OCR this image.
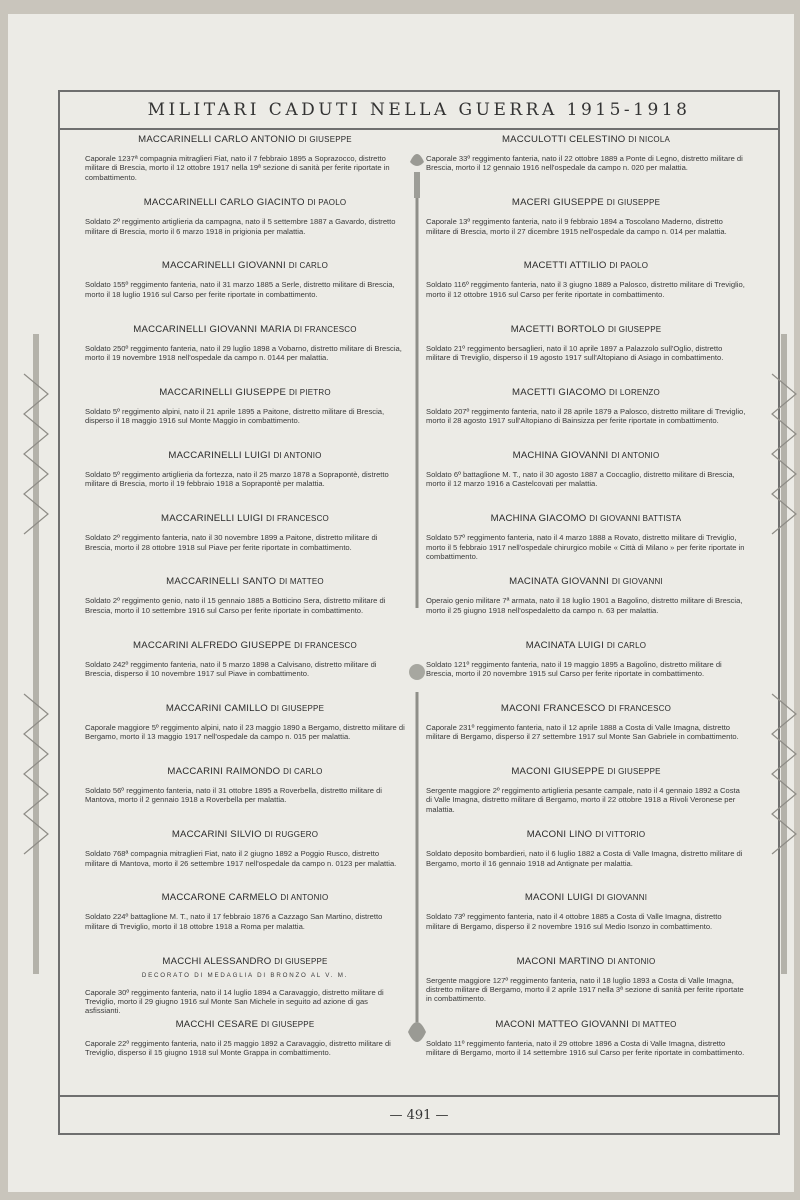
MILITARI CADUTI NELLA GUERRA 1915-1918
MACCARINELLI CARLO ANTONIO DI GIUSEPPE
Caporale 1237ª compagnia mitraglieri Fiat, nato il 7 febbraio 1895 a Soprazocco, distretto militare di Brescia, morto il 12 ottobre 1917 nella 19ª sezione di sanità per ferite riportate in combattimento.
MACCARINELLI CARLO GIACINTO DI PAOLO
Soldato 2º reggimento artiglieria da campagna, nato il 5 settembre 1887 a Gavardo, distretto militare di Brescia, morto il 6 marzo 1918 in prigionia per malattia.
MACCARINELLI GIOVANNI DI CARLO
Soldato 155º reggimento fanteria, nato il 31 marzo 1885 a Serle, distretto militare di Brescia, morto il 18 luglio 1916 sul Carso per ferite riportate in combattimento.
MACCARINELLI GIOVANNI MARIA DI FRANCESCO
Soldato 250º reggimento fanteria, nato il 29 luglio 1898 a Vobarno, distretto militare di Brescia, morto il 19 novembre 1918 nell'ospedale da campo n. 0144 per malattia.
MACCARINELLI GIUSEPPE DI PIETRO
Soldato 5º reggimento alpini, nato il 21 aprile 1895 a Paitone, distretto militare di Brescia, disperso il 18 maggio 1916 sul Monte Maggio in combattimento.
MACCARINELLI LUIGI DI ANTONIO
Soldato 5º reggimento artiglieria da fortezza, nato il 25 marzo 1878 a Soprapontè, distretto militare di Brescia, morto il 19 febbraio 1918 a Soprapontè per malattia.
MACCARINELLI LUIGI DI FRANCESCO
Soldato 2º reggimento fanteria, nato il 30 novembre 1899 a Paitone, distretto militare di Brescia, morto il 28 ottobre 1918 sul Piave per ferite riportate in combattimento.
MACCARINELLI SANTO DI MATTEO
Soldato 2º reggimento genio, nato il 15 gennaio 1885 a Botticino Sera, distretto militare di Brescia, morto il 10 settembre 1916 sul Carso per ferite riportate in combattimento.
MACCARINI ALFREDO GIUSEPPE DI FRANCESCO
Soldato 242º reggimento fanteria, nato il 5 marzo 1898 a Calvisano, distretto militare di Brescia, disperso il 10 novembre 1917 sul Piave in combattimento.
MACCARINI CAMILLO DI GIUSEPPE
Caporale maggiore 5º reggimento alpini, nato il 23 maggio 1890 a Bergamo, distretto militare di Bergamo, morto il 13 maggio 1917 nell'ospedale da campo n. 015 per malattia.
MACCARINI RAIMONDO DI CARLO
Soldato 56º reggimento fanteria, nato il 31 ottobre 1895 a Roverbella, distretto militare di Mantova, morto il 2 gennaio 1918 a Roverbella per malattia.
MACCARINI SILVIO DI RUGGERO
Soldato 768ª compagnia mitraglieri Fiat, nato il 2 giugno 1892 a Poggio Rusco, distretto militare di Mantova, morto il 26 settembre 1917 nell'ospedale da campo n. 0123 per malattia.
MACCARONE CARMELO DI ANTONIO
Soldato 224º battaglione M. T., nato il 17 febbraio 1876 a Cazzago San Martino, distretto militare di Treviglio, morto il 18 ottobre 1918 a Roma per malattia.
MACCHI ALESSANDRO DI GIUSEPPE
DECORATO DI MEDAGLIA DI BRONZO AL V. M.
Caporale 30º reggimento fanteria, nato il 14 luglio 1894 a Caravaggio, distretto militare di Treviglio, morto il 29 giugno 1916 sul Monte San Michele in seguito ad azione di gas asfissianti.
MACCHI CESARE DI GIUSEPPE
Caporale 22º reggimento fanteria, nato il 25 maggio 1892 a Caravaggio, distretto militare di Treviglio, disperso il 15 giugno 1918 sul Monte Grappa in combattimento.
MACCULOTTI CELESTINO DI NICOLA
Caporale 33º reggimento fanteria, nato il 22 ottobre 1889 a Ponte di Legno, distretto militare di Brescia, morto il 12 gennaio 1916 nell'ospedale da campo n. 020 per malattia.
MACERI GIUSEPPE DI GIUSEPPE
Caporale 13º reggimento fanteria, nato il 9 febbraio 1894 a Toscolano Maderno, distretto militare di Brescia, morto il 27 dicembre 1915 nell'ospedale da campo n. 014 per malattia.
MACETTI ATTILIO DI PAOLO
Soldato 116º reggimento fanteria, nato il 3 giugno 1889 a Palosco, distretto militare di Treviglio, morto il 12 ottobre 1916 sul Carso per ferite riportate in combattimento.
MACETTI BORTOLO DI GIUSEPPE
Soldato 21º reggimento bersaglieri, nato il 10 aprile 1897 a Palazzolo sull'Oglio, distretto militare di Treviglio, disperso il 19 agosto 1917 sull'Altopiano di Asiago in combattimento.
MACETTI GIACOMO DI LORENZO
Soldato 207º reggimento fanteria, nato il 28 aprile 1879 a Palosco, distretto militare di Treviglio, morto il 28 agosto 1917 sull'Altopiano di Bainsizza per ferite riportate in combattimento.
MACHINA GIOVANNI DI ANTONIO
Soldato 6º battaglione M. T., nato il 30 agosto 1887 a Coccaglio, distretto militare di Brescia, morto il 12 marzo 1916 a Castelcovati per malattia.
MACHINA GIACOMO DI GIOVANNI BATTISTA
Soldato 57º reggimento fanteria, nato il 4 marzo 1888 a Rovato, distretto militare di Treviglio, morto il 5 febbraio 1917 nell'ospedale chirurgico mobile « Città di Milano » per ferite riportate in combattimento.
MACINATA GIOVANNI DI GIOVANNI
Operaio genio militare 7ª armata, nato il 18 luglio 1901 a Bagolino, distretto militare di Brescia, morto il 25 giugno 1918 nell'ospedaletto da campo n. 63 per malattia.
MACINATA LUIGI DI CARLO
Soldato 121º reggimento fanteria, nato il 19 maggio 1895 a Bagolino, distretto militare di Brescia, morto il 20 novembre 1915 sul Carso per ferite riportate in combattimento.
MACONI FRANCESCO DI FRANCESCO
Caporale 231º reggimento fanteria, nato il 12 aprile 1888 a Costa di Valle Imagna, distretto militare di Bergamo, disperso il 27 settembre 1917 sul Monte San Gabriele in combattimento.
MACONI GIUSEPPE DI GIUSEPPE
Sergente maggiore 2º reggimento artiglieria pesante campale, nato il 4 gennaio 1892 a Costa di Valle Imagna, distretto militare di Bergamo, morto il 22 ottobre 1918 a Rivoli Veronese per malattia.
MACONI LINO DI VITTORIO
Soldato deposito bombardieri, nato il 6 luglio 1882 a Costa di Valle Imagna, distretto militare di Bergamo, morto il 16 gennaio 1918 ad Antignate per malattia.
MACONI LUIGI DI GIOVANNI
Soldato 73º reggimento fanteria, nato il 4 ottobre 1885 a Costa di Valle Imagna, distretto militare di Bergamo, disperso il 2 novembre 1916 sul Medio Isonzo in combattimento.
MACONI MARTINO DI ANTONIO
Sergente maggiore 127º reggimento fanteria, nato il 18 luglio 1893 a Costa di Valle Imagna, distretto militare di Bergamo, morto il 2 aprile 1917 nella 3ª sezione di sanità per ferite riportate in combattimento.
MACONI MATTEO GIOVANNI DI MATTEO
Soldato 11º reggimento fanteria, nato il 29 ottobre 1896 a Costa di Valle Imagna, distretto militare di Bergamo, morto il 14 settembre 1916 sul Carso per ferite riportate in combattimento.
— 491 —
